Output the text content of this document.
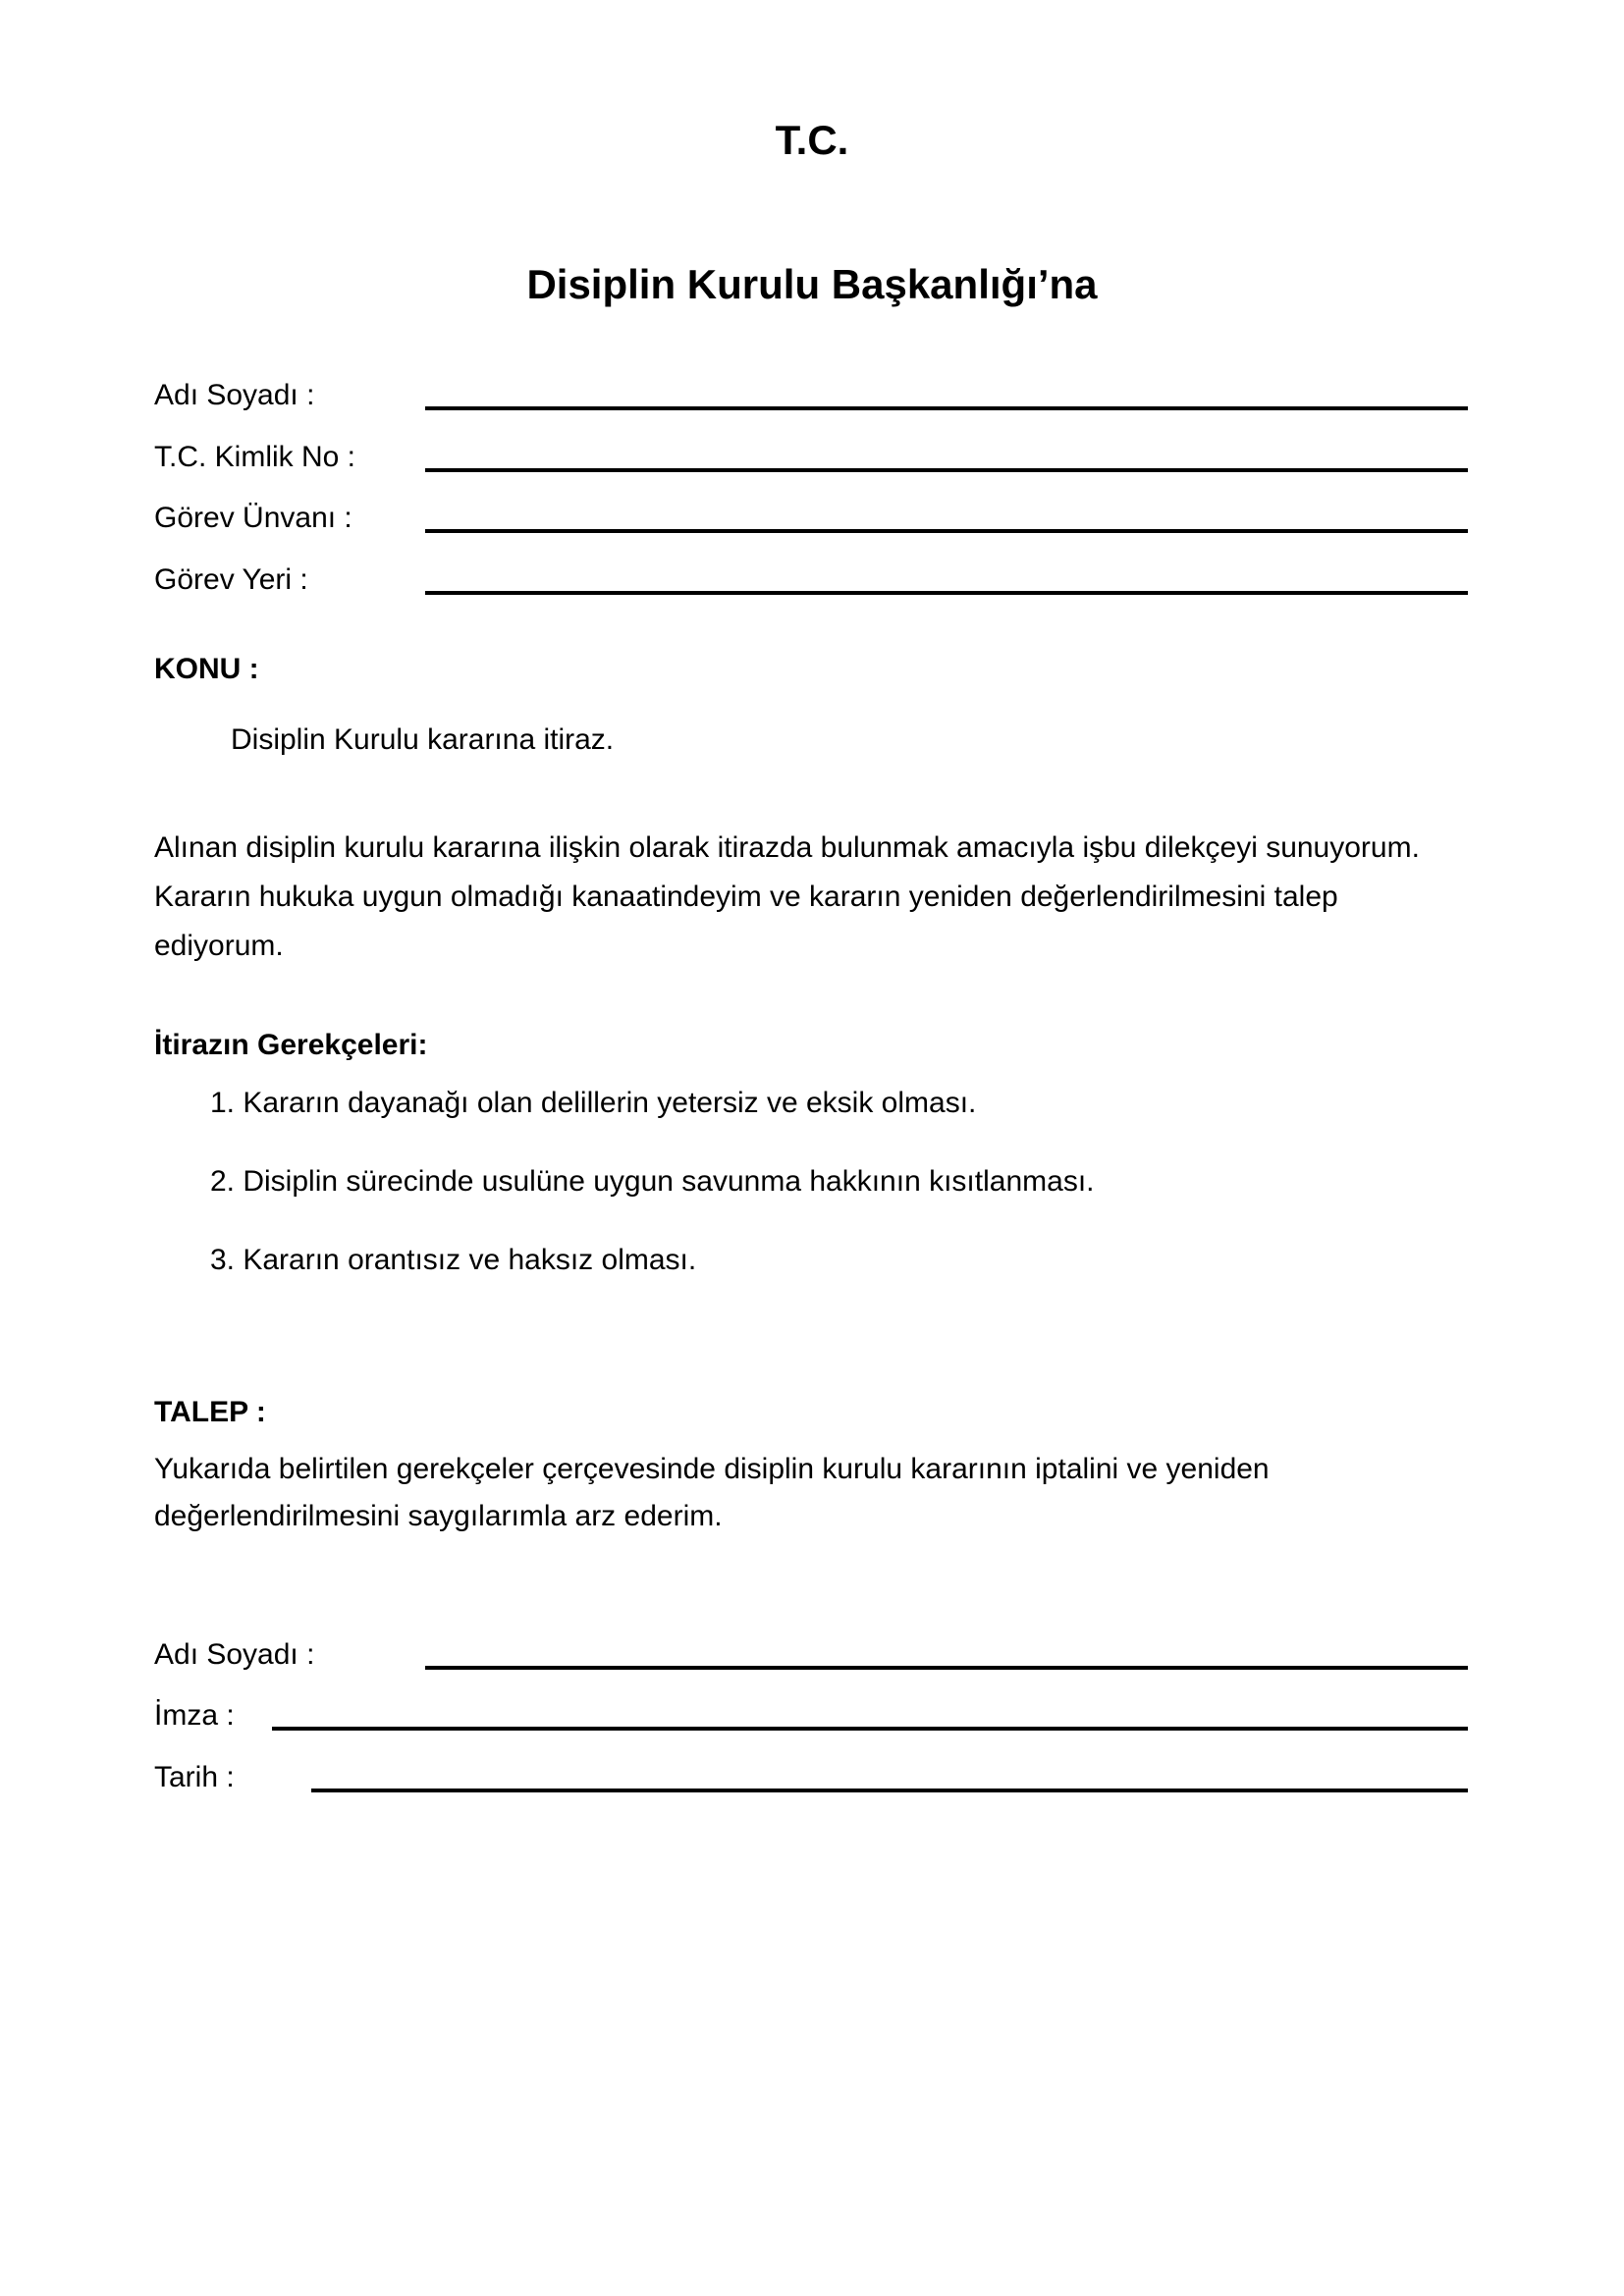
T.C.
Disiplin Kurulu Başkanlığı’na
Adı Soyadı :
T.C. Kimlik No :
Görev Ünvanı :
Görev Yeri :
KONU :
Disiplin Kurulu kararına itiraz.
Alınan disiplin kurulu kararına ilişkin olarak itirazda bulunmak amacıyla işbu dilekçeyi sunuyorum. Kararın hukuka uygun olmadığı kanaatindeyim ve kararın yeniden değerlendirilmesini talep ediyorum.
İtirazın Gerekçeleri:
1. Kararın dayanağı olan delillerin yetersiz ve eksik olması.
2. Disiplin sürecinde usulüne uygun savunma hakkının kısıtlanması.
3. Kararın orantısız ve haksız olması.
TALEP :
Yukarıda belirtilen gerekçeler çerçevesinde disiplin kurulu kararının iptalini ve yeniden değerlendirilmesini saygılarımla arz ederim.
Adı Soyadı :
İmza :
Tarih :
